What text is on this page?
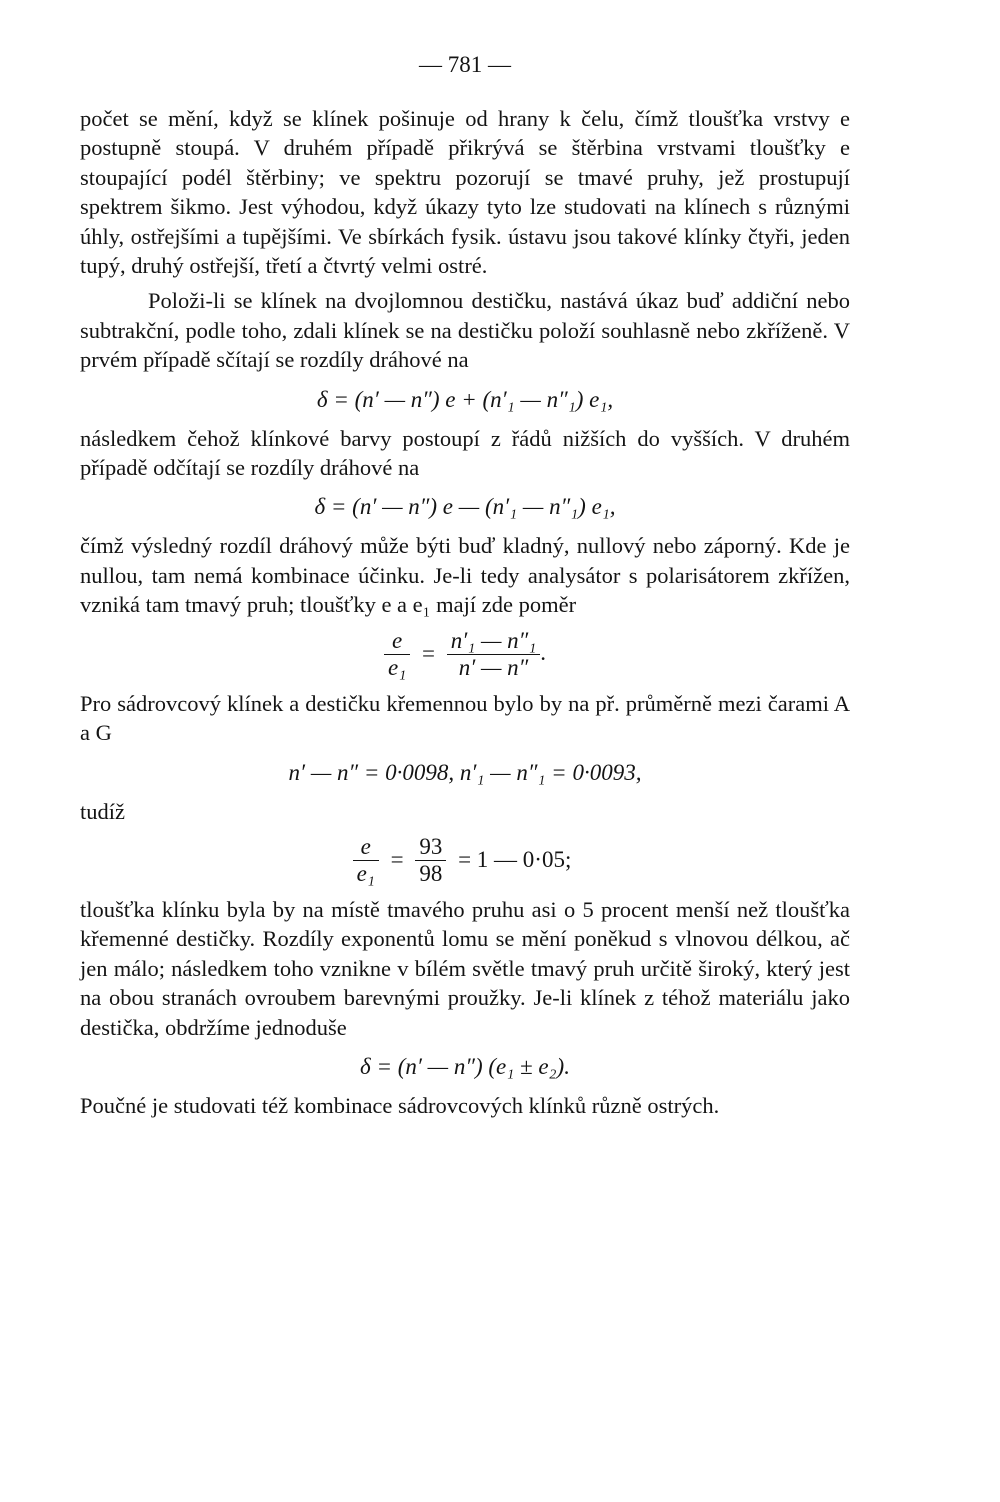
— 781 —

počet se mění, když se klínek pošinuje od hrany k čelu, čímž tloušťka vrstvy e postupně stoupá. V druhém případě přikrývá se štěrbina vrstvami tloušťky e stoupající podél štěrbiny; ve spektru pozorují se tmavé pruhy, jež prostupují spektrem šikmo. Jest výhodou, když úkazy tyto lze studovati na klínech s různými úhly, ostřejšími a tupějšími. Ve sbírkách fysik. ústavu jsou takové klínky čtyři, jeden tupý, druhý ostřejší, třetí a čtvrtý velmi ostré.

Položi-li se klínek na dvojlomnou destičku, nastává úkaz buď addiční nebo subtrakční, podle toho, zdali klínek se na destičku položí souhlasně nebo zkříženě. V prvém případě sčítají se rozdíly dráhové na

δ = (n′ — n″) e + (n′₁ — n″₁) e₁,

následkem čehož klínkové barvy postoupí z řádů nižších do vyšších. V druhém případě odčítají se rozdíly dráhové na

δ = (n′ — n″) e — (n′₁ — n″₁) e₁,

čímž výsledný rozdíl dráhový může býti buď kladný, nullový nebo záporný. Kde je nullou, tam nemá kombinace účinku. Je-li tedy analysátor s polarisátorem zkřížen, vzniká tam tmavý pruh; tloušťky e a e₁ mají zde poměr

$\frac{e}{\text{e₁}} = \frac{\text{n′₁ — n″₁}}{n' — n''}$ .

Pro sádrovcový klínek a destičku křemennou bylo by na př. průměrně mezi čarami A a G

n′ — n″ = 0·0098, n′₁ — n″₁ = 0·0093,

tudíž

$\frac{e}{\text{e₁}} = \frac{93}{98} = 1$ — 0·05;

tloušťka klínku byla by na místě tmavého pruhu asi o 5 procent menší než tloušťka křemenné destičky. Rozdíly exponentů lomu se mění poněkud s vlnovou délkou, ač jen málo; následkem toho vznikne v bílém světle tmavý pruh určitě široký, který jest na obou stranách ovroubem barevnými proužky. Je-li klínek z téhož materiálu jako destička, obdržíme jednoduše

δ = (n′ — n″) (e₁ ± e₂).

Poučné je studovati též kombinace sádrovcových klínků různě ostrých.
